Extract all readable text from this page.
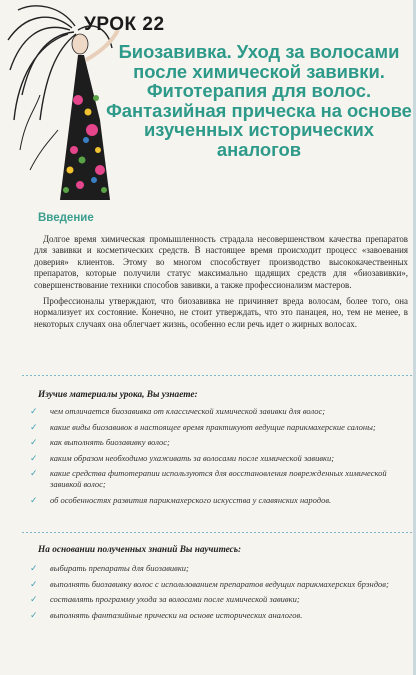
УРОК 22
Биозавивка. Уход за волосами после химической завивки. Фитотерапия для волос. Фантазийная прическа на основе изученных исторических аналогов
Введение

Долгое время химическая промышленность страдала несовершенством качества препаратов для завивки и косметических средств. В настоящее время происходит процесс «завоевания доверия» клиентов. Этому во многом способствует производство высококачественных препаратов, которые получили статус максимально щадящих средств для «биозавивки», совершенствование техники способов завивки, а также профессионализм мастеров.

Профессионалы утверждают, что биозавивка не причиняет вреда волосам, более того, она нормализует их состояние. Конечно, не стоит утверждать, что это панацея, но, тем не менее, в некоторых случаях она облегчает жизнь, особенно если речь идет о жирных волосах.

Изучив материалы урока, Вы узнаете:
✓ чем отличается биозавивка от классической химической завивки для волос;
✓ какие виды биозавивок в настоящее время практикуют ведущие парикмахерские салоны;
✓ как выполнять биозавивку волос;
✓ каким образом необходимо ухаживать за волосами после химической завивки;
✓ какие средства фитотерапии используются для восстановления поврежденных химической завивкой волос;
✓ об особенностях развития парикмахерского искусства у славянских народов.
На основании полученных знаний Вы научитесь:
✓ выбирать препараты для биозавивки;
✓ выполнять биозавивку волос с использованием препаратов ведущих парикмахерских брэндов;
✓ составлять программу ухода за волосами после химической завивки;
✓ выполнять фантазийные прически на основе исторических аналогов.
